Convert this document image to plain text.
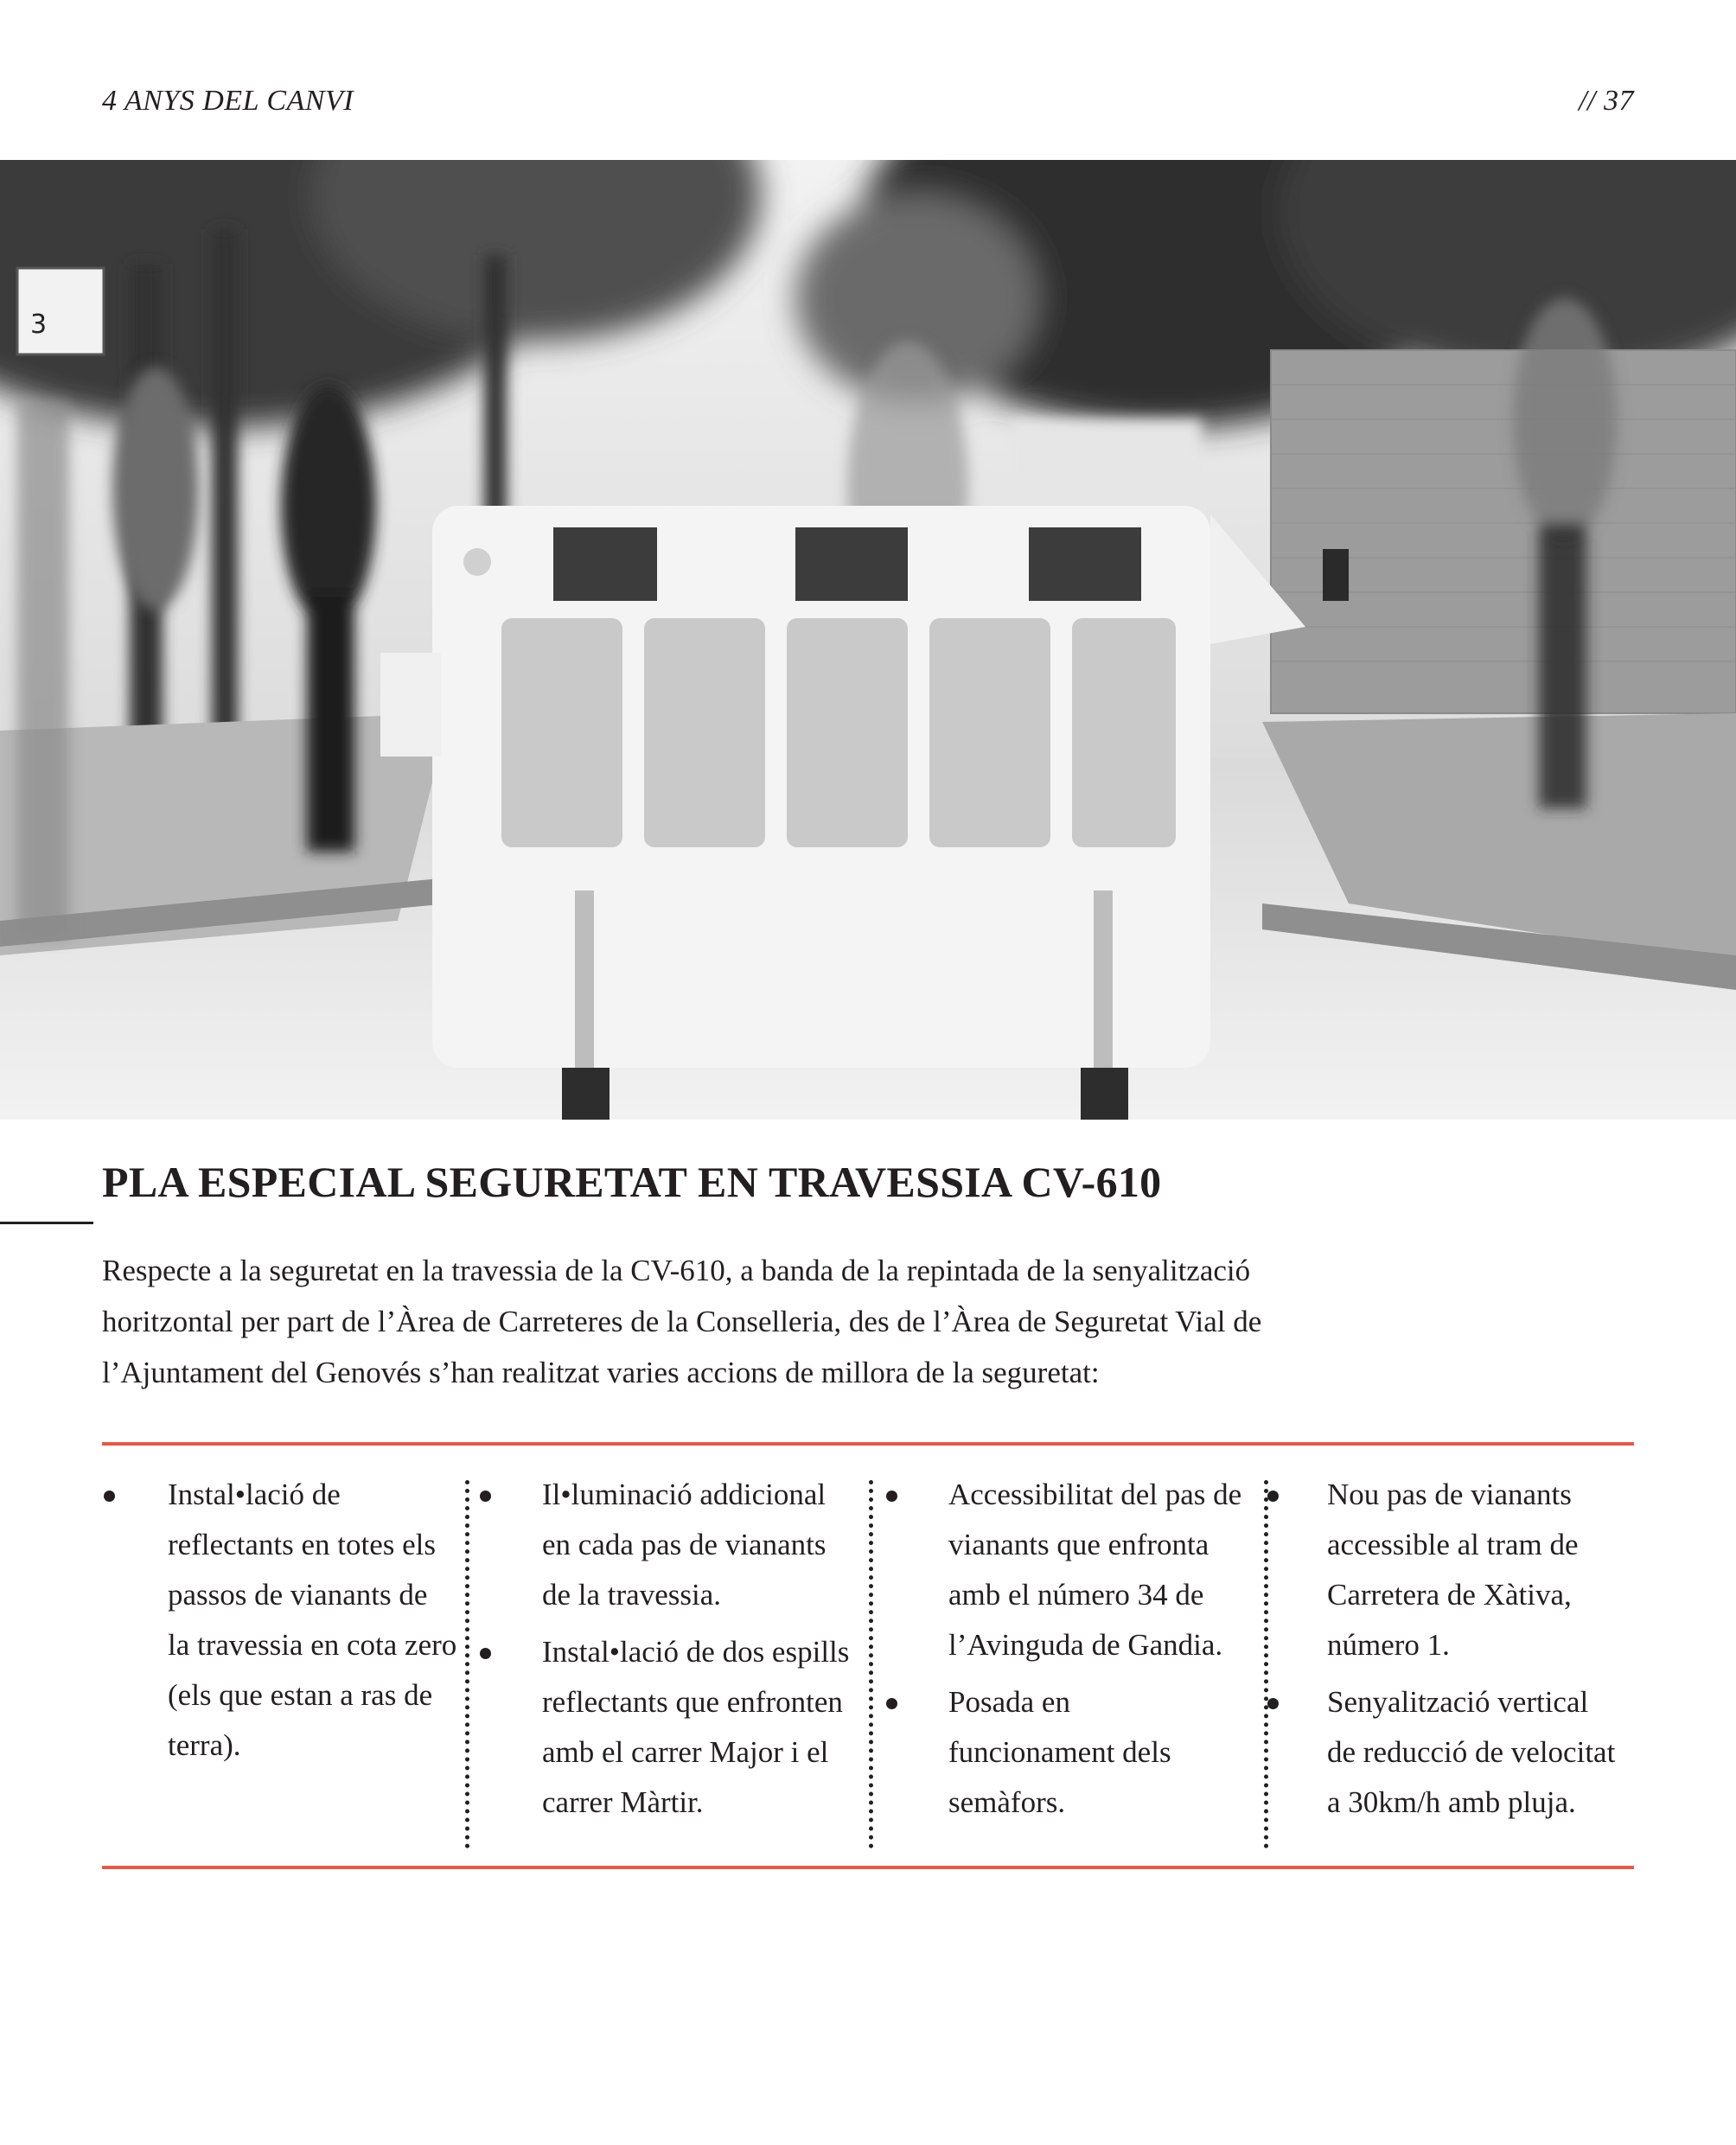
4 ANYS DEL CANVI	// 37
3
PLA ESPECIAL SEGURETAT EN TRAVESSIA CV-610

Respecte a la seguretat en la travessia de la CV-610, a banda de la repintada de la senyalització
horitzontal per part de l’Àrea de Carreteres de la Conselleria, des de l’Àrea de Seguretat Vial de
l’Ajuntament del Genovés s’han realitzat varies accions de millora de la seguretat:

Instal•lació de
reflectants en totes els
passos de vianants de
la travessia en cota zero
(els que estan a ras de
terra).
Il•luminació addicional
en cada pas de vianants
de la travessia.
Instal•lació de dos espills
reflectants que enfronten
amb el carrer Major i el
carrer Màrtir.
Accessibilitat del pas de
vianants que enfronta
amb el número 34 de
l’Avinguda de Gandia.
Posada en
funcionament dels
semàfors.
Nou pas de vianants
accessible al tram de
Carretera de Xàtiva,
número 1.
Senyalització vertical
de reducció de velocitat
a 30km/h amb pluja.
